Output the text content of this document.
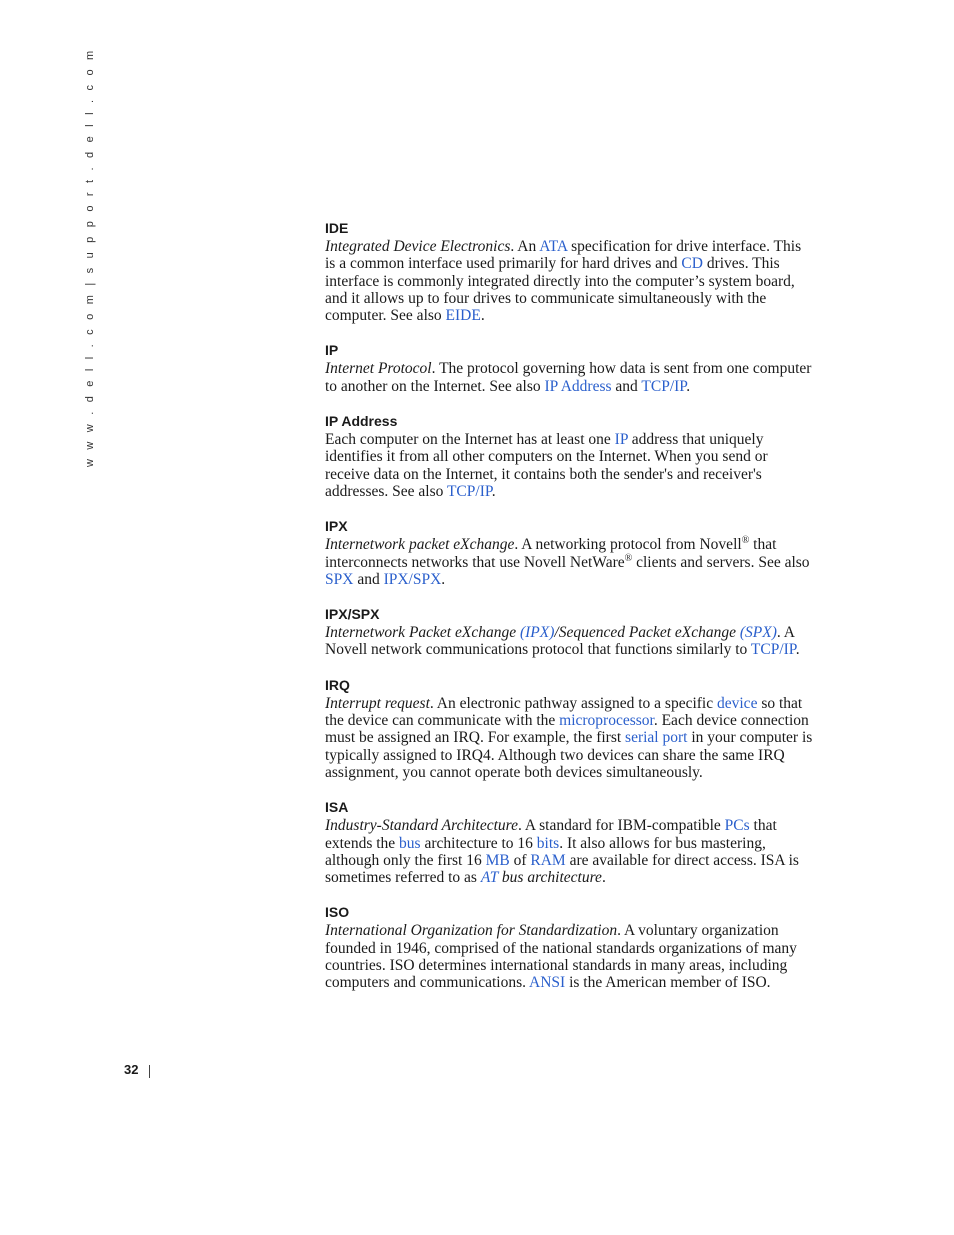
w w w . d e l l . c o m | s u p p o r t . d e l l . c o m	IDE

Integrated Device Electronics. An ATA specification for drive interface. This is a common interface used primarily for hard drives and CD drives. This interface is commonly integrated directly into the computer’s system board, and it allows up to four drives to communicate simultaneously with the computer. See also EIDE.

IP

Internet Protocol. The protocol governing how data is sent from one computer to another on the Internet. See also IP Address and TCP/IP.

IP Address

Each computer on the Internet has at least one IP address that uniquely identifies it from all other computers on the Internet. When you send or receive data on the Internet, it contains both the sender's and receiver's addresses. See also TCP/IP.

IPX

Internetwork packet eXchange. A networking protocol from Novell® that interconnects networks that use Novell NetWare® clients and servers. See also SPX and IPX/SPX.

IPX/SPX

Internetwork Packet eXchange (IPX)/Sequenced Packet eXchange (SPX). A Novell network communications protocol that functions similarly to TCP/IP.

IRQ

Interrupt request. An electronic pathway assigned to a specific device so that the device can communicate with the microprocessor. Each device connection must be assigned an IRQ. For example, the first serial port in your computer is typically assigned to IRQ4. Although two devices can share the same IRQ assignment, you cannot operate both devices simultaneously.

ISA

Industry-Standard Architecture. A standard for IBM-compatible PCs that extends the bus architecture to 16 bits. It also allows for bus mastering, although only the first 16 MB of RAM are available for direct access. ISA is sometimes referred to as AT bus architecture.

ISO

International Organization for Standardization. A voluntary organization founded in 1946, comprised of the national standards organizations of many countries. ISO determines international standards in many areas, including computers and communications. ANSI is the American member of ISO.

32
